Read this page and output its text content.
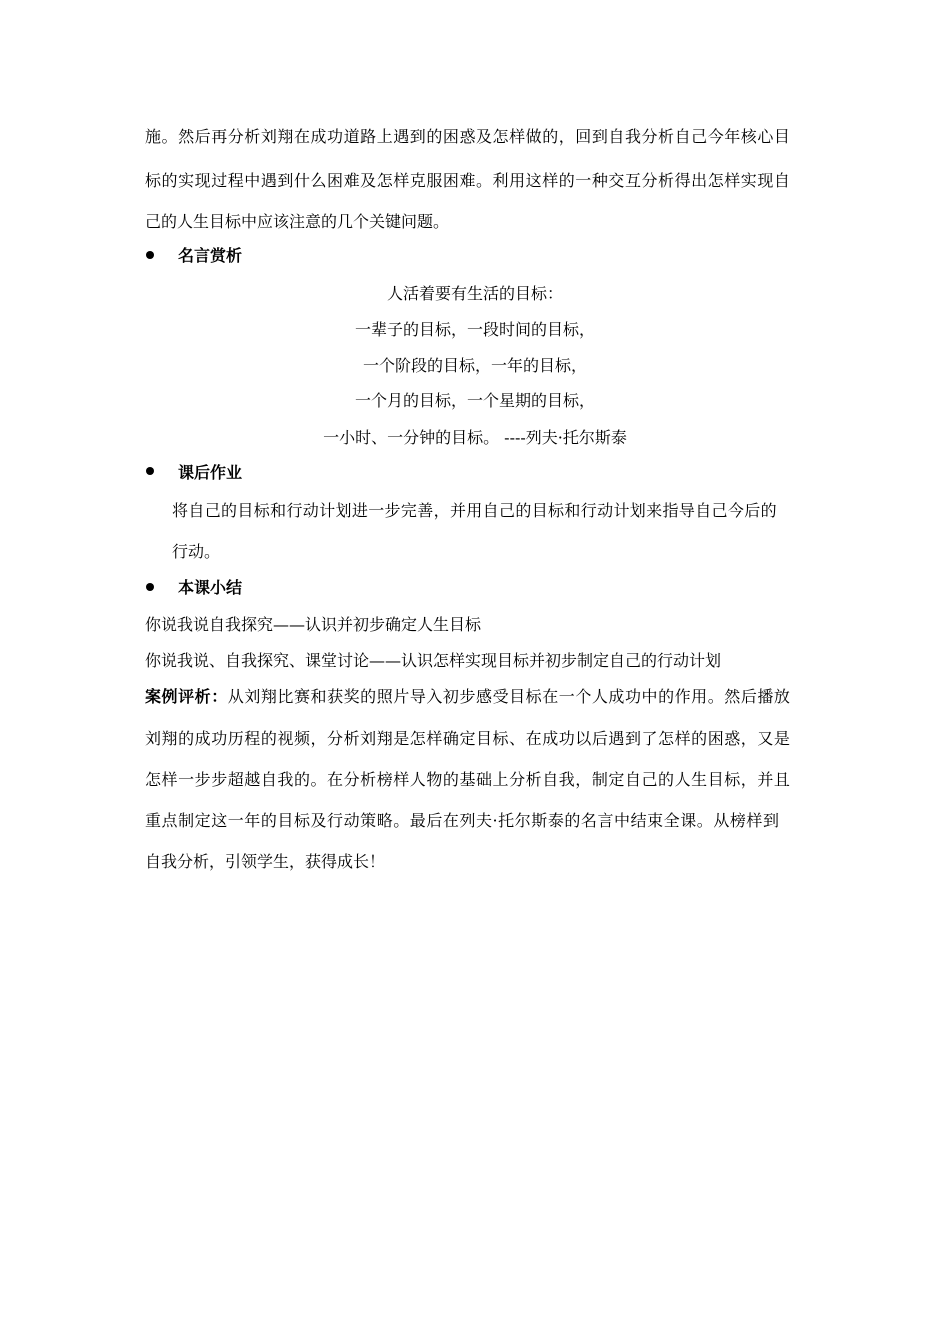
施。然后再分析刘翔在成功道路上遇到的困惑及怎样做的，回到自我分析自己今年核心目
标的实现过程中遇到什么困难及怎样克服困难。利用这样的一种交互分析得出怎样实现自
己的人生目标中应该注意的几个关键问题。
名言赏析
人活着要有生活的目标：
一辈子的目标，一段时间的目标，
一个阶段的目标，一年的目标，
一个月的目标，一个星期的目标，
一小时、一分钟的目标。 ----列夫·托尔斯泰
课后作业
将自己的目标和行动计划进一步完善，并用自己的目标和行动计划来指导自己今后的
行动。
本课小结
你说我说自我探究——认识并初步确定人生目标
你说我说、自我探究、课堂讨论——认识怎样实现目标并初步制定自己的行动计划
案例评析：从刘翔比赛和获奖的照片导入初步感受目标在一个人成功中的作用。然后播放
刘翔的成功历程的视频，分析刘翔是怎样确定目标、在成功以后遇到了怎样的困惑，又是
怎样一步步超越自我的。在分析榜样人物的基础上分析自我，制定自己的人生目标，并且
重点制定这一年的目标及行动策略。最后在列夫·托尔斯泰的名言中结束全课。从榜样到
自我分析，引领学生，获得成长！
